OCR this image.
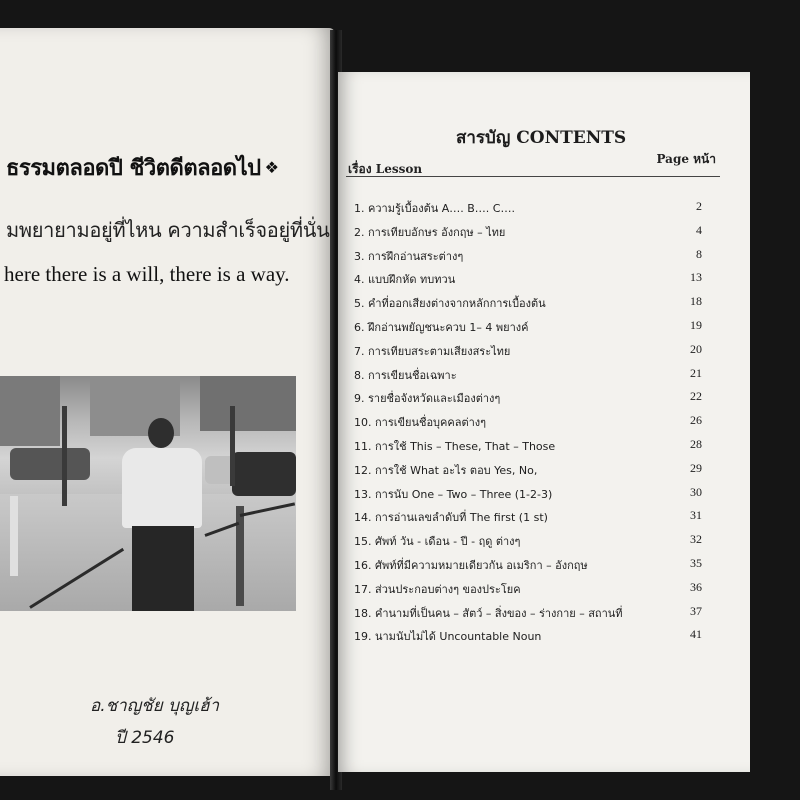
ธรรมตลอดปี ชีวิตดีตลอดไป ❖
มพยายามอยู่ที่ไหน ความสำเร็จอยู่ที่นั่น
here there is a will, there is a way.
อ.ชาญชัย บุญเฮ้า
ปี 2546
สารบัญ CONTENTS
เรื่อง Lesson
Page หน้า
1. ความรู้เบื้องต้น A…. B…. C….	2
2. การเทียบอักษร อังกฤษ – ไทย	4
3. การฝึกอ่านสระต่างๆ	8
4. แบบฝึกหัด ทบทวน	13
5. คำที่ออกเสียงต่างจากหลักการเบื้องต้น	18
6. ฝึกอ่านพยัญชนะควบ 1– 4 พยางค์	19
7. การเทียบสระตามเสียงสระไทย	20
8. การเขียนชื่อเฉพาะ	21
9. รายชื่อจังหวัดและเมืองต่างๆ	22
10. การเขียนชื่อบุคคลต่างๆ	26
11. การใช้ This – These, That – Those	28
12. การใช้ What อะไร ตอบ Yes, No,	29
13. การนับ One – Two – Three (1-2-3)	30
14. การอ่านเลขลำดับที่ The first (1 st)	31
15. ศัพท์ วัน - เดือน - ปี - ฤดู ต่างๆ	32
16. ศัพท์ที่มีความหมายเดียวกัน อเมริกา – อังกฤษ	35
17. ส่วนประกอบต่างๆ ของประโยค	36
18. คำนามที่เป็นคน – สัตว์ – สิ่งของ – ร่างกาย – สถานที่	37
19. นามนับไม่ได้ Uncountable Noun	41
